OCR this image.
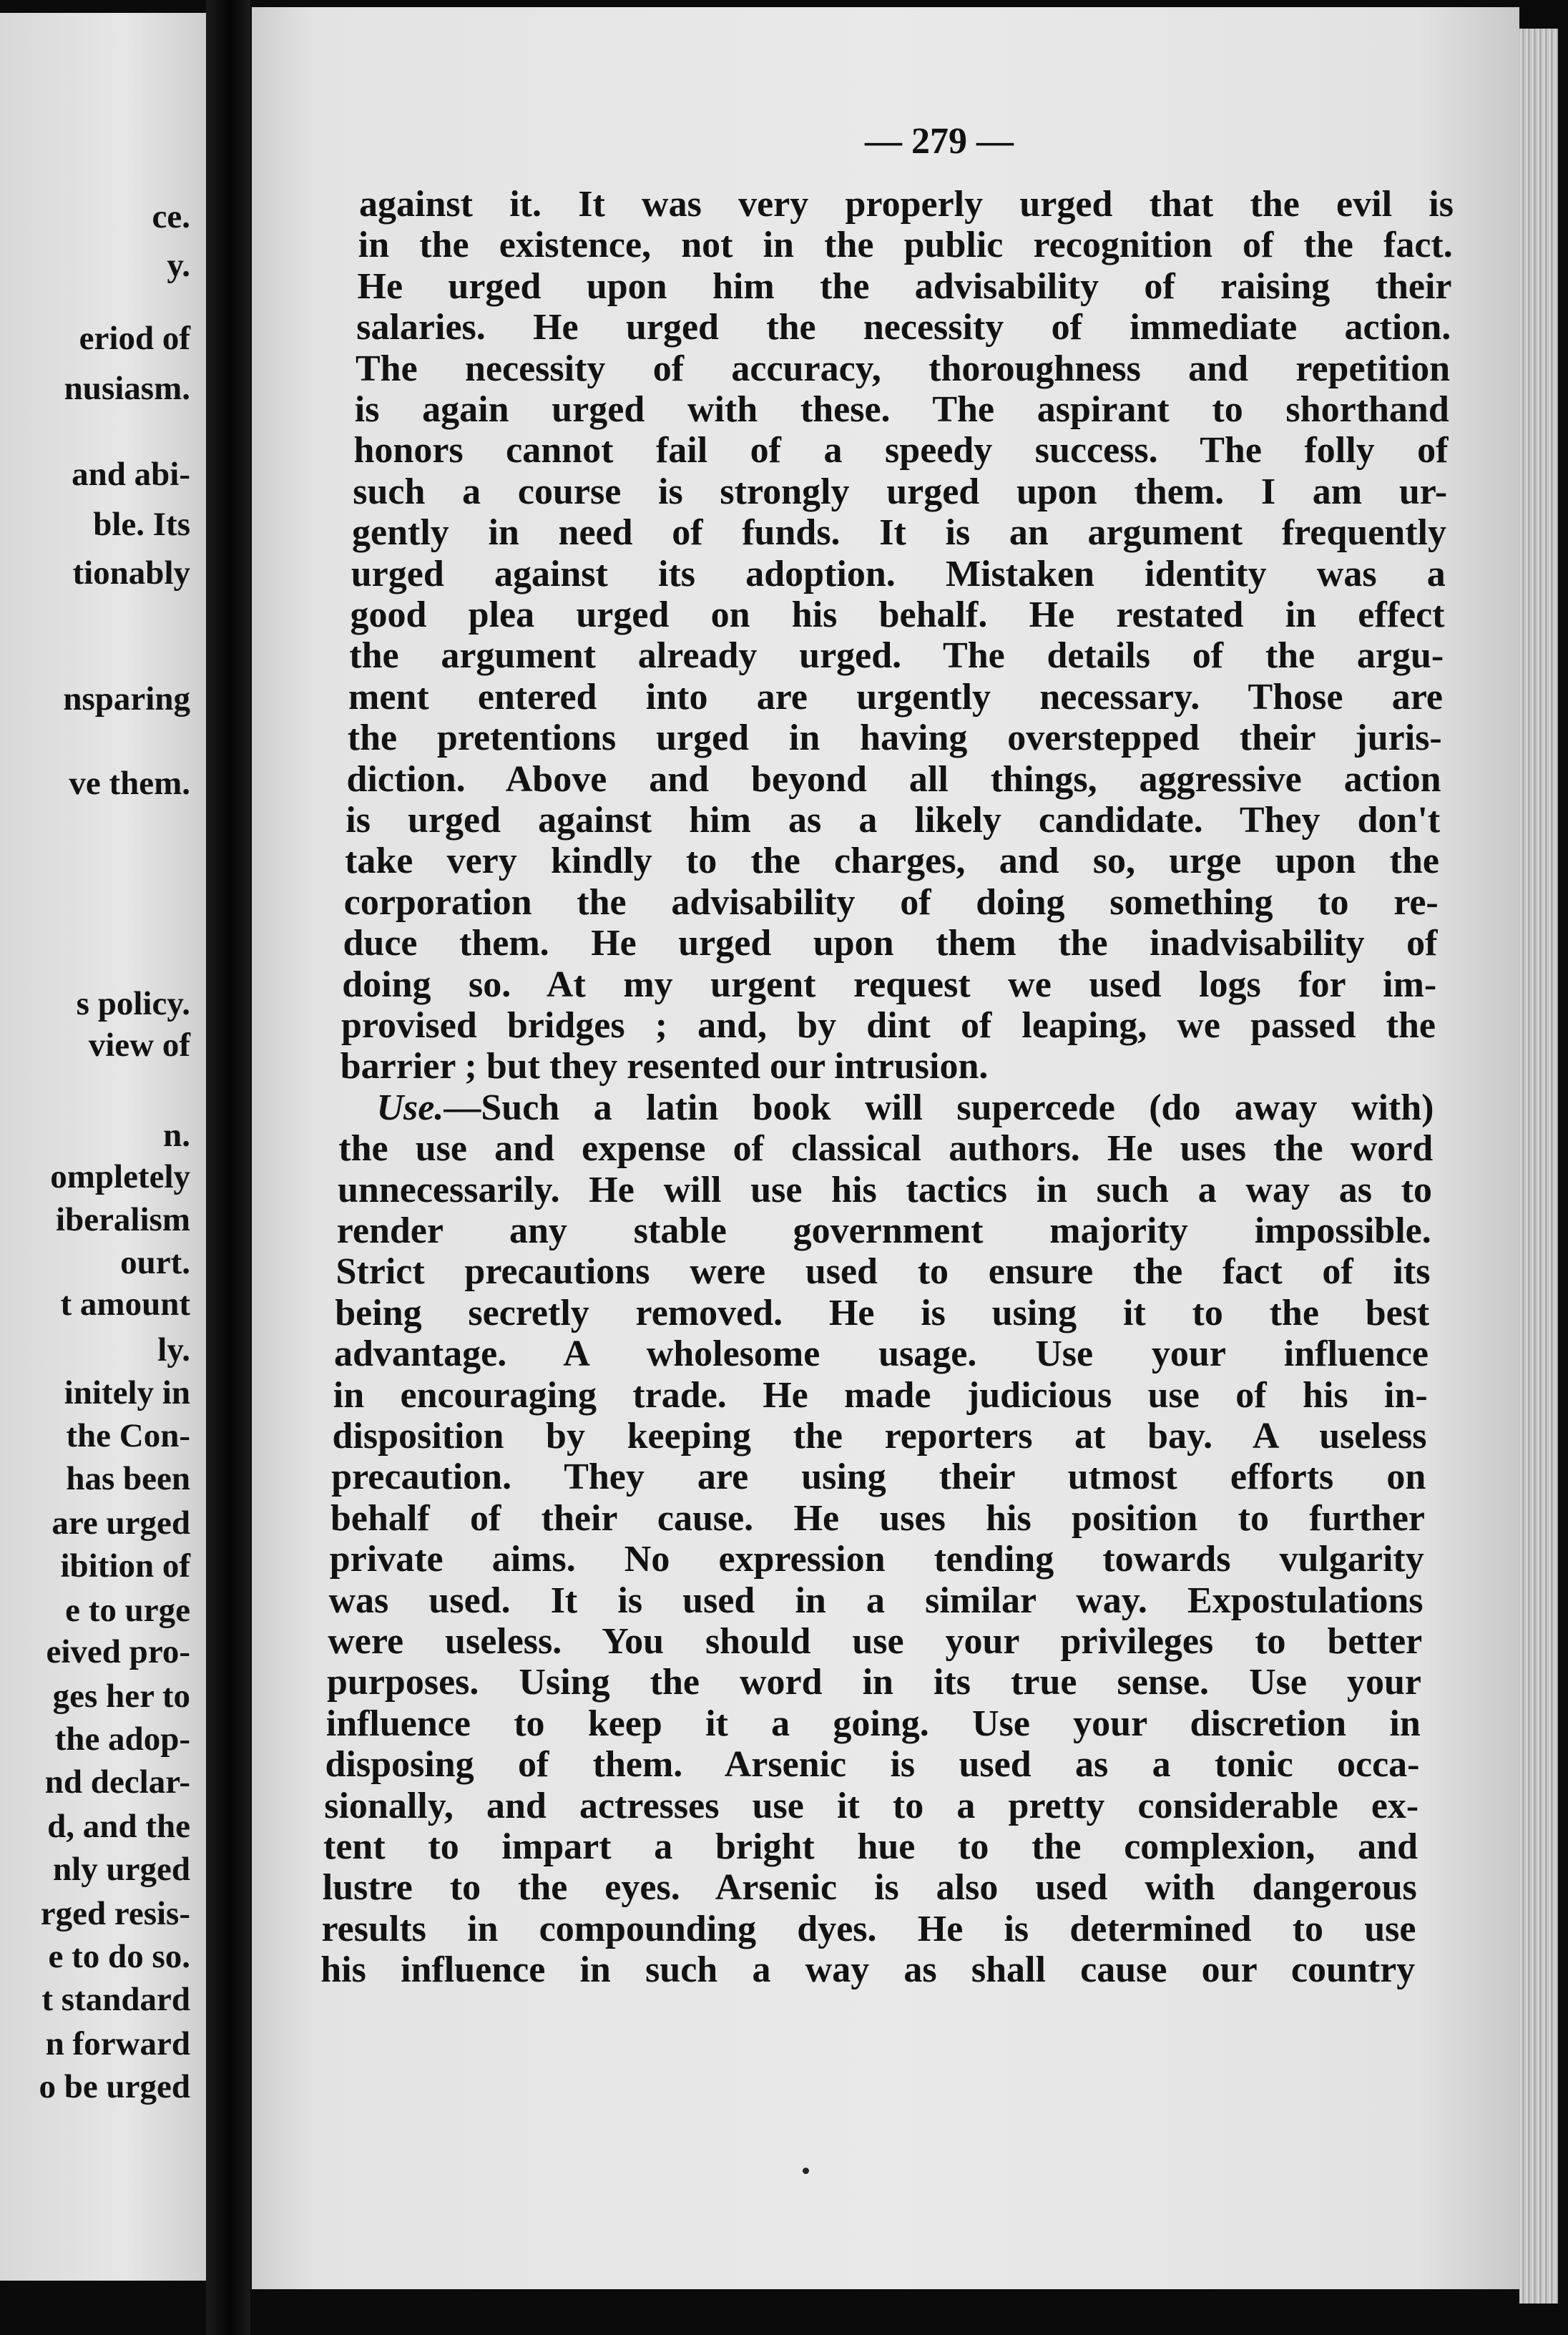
ce.
y.
eriod of
nusiasm.
and abi-
ble. Its
tionably
nsparing
ve them.
s policy.
view of
n.
ompletely
iberalism
ourt.
t amount
ly.
initely in
the Con-
has been
are urged
ibition of
e to urge
eived pro-
ges her to
the adop-
nd declar-
d, and the
nly urged
rged resis-
e to do so.
t standard
n forward
o be urged
— 279 —
against it. It was very properly urged that the evil is
in the existence, not in the public recognition of the fact.
He urged upon him the advisability of raising their
salaries. He urged the necessity of immediate action.
The necessity of accuracy, thoroughness and repetition
is again urged with these. The aspirant to shorthand
honors cannot fail of a speedy success. The folly of
such a course is strongly urged upon them. I am ur-
gently in need of funds. It is an argument frequently
urged against its adoption. Mistaken identity was a
good plea urged on his behalf. He restated in effect
the argument already urged. The details of the argu-
ment entered into are urgently necessary. Those are
the pretentions urged in having overstepped their juris-
diction. Above and beyond all things, aggressive action
is urged against him as a likely candidate. They don't
take very kindly to the charges, and so, urge upon the
corporation the advisability of doing something to re-
duce them. He urged upon them the inadvisability of
doing so. At my urgent request we used logs for im-
provised bridges ; and, by dint of leaping, we passed the
barrier ; but they resented our intrusion.
Use.—Such a latin book will supercede (do away with)
the use and expense of classical authors. He uses the word
unnecessarily. He will use his tactics in such a way as to
render any stable government majority impossible.
Strict precautions were used to ensure the fact of its
being secretly removed. He is using it to the best
advantage. A wholesome usage. Use your influence
in encouraging trade. He made judicious use of his in-
disposition by keeping the reporters at bay. A useless
precaution. They are using their utmost efforts on
behalf of their cause. He uses his position to further
private aims. No expression tending towards vulgarity
was used. It is used in a similar way. Expostulations
were useless. You should use your privileges to better
purposes. Using the word in its true sense. Use your
influence to keep it a going. Use your discretion in
disposing of them. Arsenic is used as a tonic occa-
sionally, and actresses use it to a pretty considerable ex-
tent to impart a bright hue to the complexion, and
lustre to the eyes. Arsenic is also used with dangerous
results in compounding dyes. He is determined to use
his influence in such a way as shall cause our country
